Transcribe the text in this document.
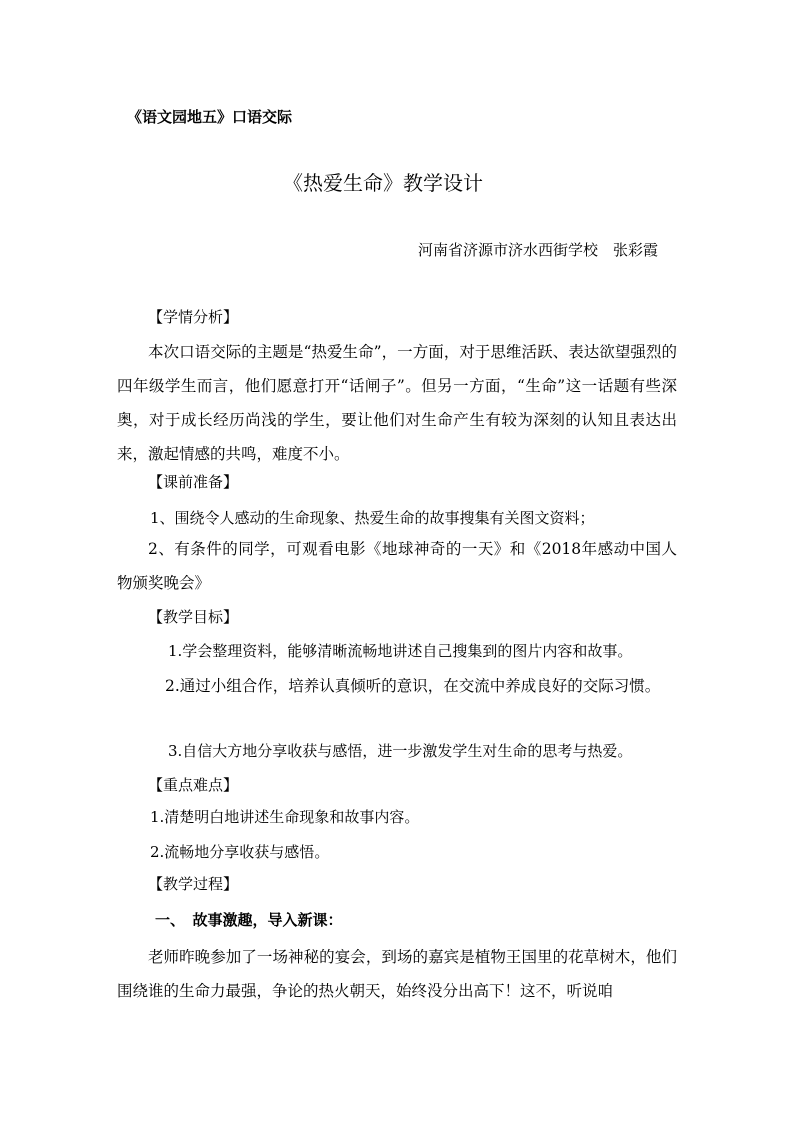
《语文园地五》口语交际
《热爱生命》教学设计
河南省济源市济水西街学校　张彩霞
【学情分析】

本次口语交际的主题是“热爱生命”，一方面，对于思维活跃、表达欲望强烈的四年级学生而言，他们愿意打开“话闸子”。但另一方面，“生命”这一话题有些深奥，对于成长经历尚浅的学生，要让他们对生命产生有较为深刻的认知且表达出来，激起情感的共鸣，难度不小。

【课前准备】
1、围绕令人感动的生命现象、热爱生命的故事搜集有关图文资料；

2、有条件的同学，可观看电影《地球神奇的一天》和《2018年感动中国人物颁奖晚会》

【教学目标】
1.学会整理资料，能够清晰流畅地讲述自己搜集到的图片内容和故事。

2.通过小组合作，培养认真倾听的意识，在交流中养成良好的交际习惯。

3.自信大方地分享收获与感悟，进一步激发学生对生命的思考与热爱。
【重点难点】
1.清楚明白地讲述生命现象和故事内容。
2.流畅地分享收获与感悟。
【教学过程】
一、　故事激趣，导入新课：

老师昨晚参加了一场神秘的宴会，到场的嘉宾是植物王国里的花草树木，他们围绕谁的生命力最强，争论的热火朝天，始终没分出高下！这不，听说咱
